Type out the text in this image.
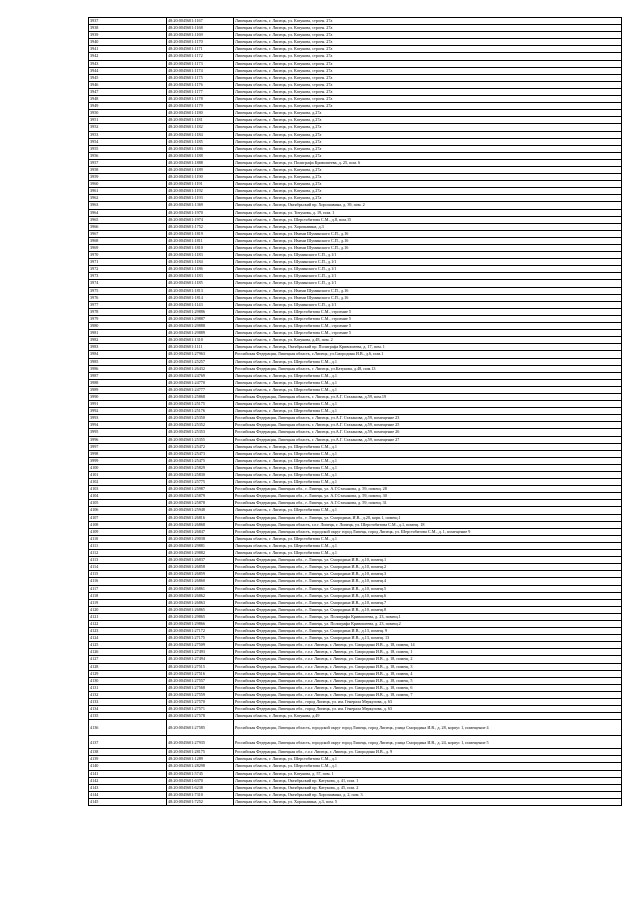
3937	48:20:0045601:1167	Липецкая область, г. Липецк, ул. Катукова, строен. 27а
3938	48:20:0045601:1168	Липецкая область, г. Липецк, ул. Катукова, строен. 27а
3939	48:20:0045601:1169	Липецкая область, г. Липецк, ул. Катукова, строен. 27а
3940	48:20:0045601:1170	Липецкая область, г. Липецк, ул. Катукова, строен. 27а
3941	48:20:0045601:1171	Липецкая область, г. Липецк, ул. Катукова, строен. 27а
3942	48:20:0045601:1172	Липецкая область, г. Липецк, ул. Катукова, строен. 27а
3943	48:20:0045601:1173	Липецкая область, г. Липецк, ул. Катукова, строен. 27а
3944	48:20:0045601:1174	Липецкая область, г. Липецк, ул. Катукова, строен. 27а
3945	48:20:0045601:1175	Липецкая область, г. Липецк, ул. Катукова, строен. 27а
3946	48:20:0045601:1176	Липецкая область, г. Липецк, ул. Катукова, строен. 27а
3947	48:20:0045601:1177	Липецкая область, г. Липецк, ул. Катукова, строен. 27а
3948	48:20:0045601:1178	Липецкая область, г. Липецк, ул. Катукова, строен. 27а
3949	48:20:0045601:1179	Липецкая область, г. Липецк, ул. Катукова, строен. 27а
3950	48:20:0045601:1180	Липецкая область, г. Липецк, ул. Катукова, д.27а
3951	48:20:0045601:1181	Липецкая область, г. Липецк, ул. Катукова, д.27а
3952	48:20:0045601:1182	Липецкая область, г. Липецк, ул. Катукова, д.27а
3953	48:20:0045601:1184	Липецкая область, г. Липецк, ул. Катукова, д.27а
3954	48:20:0045601:1185	Липецкая область, г. Липецк, ул. Катукова, д.27а
3955	48:20:0045601:1186	Липецкая область, г. Липецк, ул. Катукова, д.27а
3956	48:20:0045601:1188	Липецкая область, г. Липецк, ул. Катукова, д.27а
3957	48:20:0045601:1888	Липецкая область, г. Липецк, ул. Полиграфа Кривошеева, д. 25, пом. 6
3958	48:20:0045601:1189	Липецкая область, г. Липецк, ул. Катукова, д.27а
3959	48:20:0045601:1190	Липецкая область, г. Липецк, ул. Катукова, д.27а
3960	48:20:0045601:1191	Липецкая область, г. Липецк, ул. Катукова, д.27а
3961	48:20:0045601:1192	Липецкая область, г. Липецк, ул. Катукова, д.27а
3962	48:20:0045601:1193	Липецкая область, г. Липецк, ул. Катукова, д.27а
3963	48:20:0045601:1369	Липецкая область, г. Липецк, Октябрьский пр. Хорошавина, д. 39, пом. 2
3964	48:20:0045601:1970	Липецкая область, г. Липецк, ул. Титунова, д. 19, пом. 1
3965	48:20:0045601:1974	Липецкая область, г. Липецк, ул. Шерстобитова С.М., д.8, пом.15
3966	48:20:0045601:1752	Липецкая область, г. Липецк, ул. Хорошавина, д.3
3967	48:20:0045601:1819	Липецкая область, г. Липецк, ул. Имени Шуминского С.П., д.16
3968	48:20:0045601:1811	Липецкая область, г. Липецк, ул. Имени Шуминского С.П., д.16
3969	48:20:0045601:1810	Липецкая область, г. Липецк, ул. Имени Шуминского С.П., д.16
3970	48:20:0045601:1183	Липецкая область, г. Липецк, ул. Шуминского С.П., д.1/1
3971	48:20:0045601:1184	Липецкая область, г. Липецк, ул. Шуминского С.П., д.1/1
3972	48:20:0045601:1186	Липецкая область, г. Липецк, ул. Шуминского С.П., д.1/1
3973	48:20:0045601:1183	Липецкая область, г. Липецк, ул. Шуминского С.П., д.1/1
3974	48:20:0045601:1185	Липецкая область, г. Липецк, ул. Шуминского С.П., д.1/1
3975	48:20:0045601:1813	Липецкая область, г. Липецк, ул. Имени Шуминского С.П., д.16
3976	48:20:0045601:1814	Липецкая область, г. Липецк, ул. Имени Шуминского С.П., д.16
3977	48:20:0045601:1143	Липецкая область, г. Липецк, ул. Шуминского С.П., д.1/1
3978	48:20:0045601:29886	Липецкая область, г. Липецк, ул. Шерстобитова С.М., строение 5
3979	48:20:0045601:29887	Липецкая область, г. Липецк, ул. Шерстобитова С.М., строение 5
3980	48:20:0045601:29888	Липецкая область, г. Липецк, ул. Шерстобитова С.М., строение 5
3981	48:20:0045601:29889	Липецкая область, г. Липецк, ул. Шерстобитова С.М., строение 5
3982	48:20:0045601:1310	Липецкая область, г. Липецк, ул. Катукова, д.48, пом. 2
3983	48:20:0045601:1111	Липецкая область, г. Липецк, Октябрьский пр. Полиграфа Кривошеева, д. 17, пом. 1
3984	48:20:0045601:27963	Российская Федерация, Липецкая область, г.Липецк, ул.Смородина И.В., д.6, пом.1
3985	48:20:0045601:25257	Липецкая область, г. Липецк, ул. Шерстобитова С.М., д.1
3986	48:20:0045601:26432	Российская Федерация, Липецкая область, г. Липецк, ул.Катукова, д.48, пом.13
3987	48:20:0045601:24769	Липецкая область, г. Липецк, ул. Шерстобитова С.М., д.1
3988	48:20:0045601:24770	Липецкая область, г. Липецк, ул. Шерстобитова С.М., д.1
3989	48:20:0045601:24777	Липецкая область, г. Липецк, ул. Шерстобитова С.М., д.1
3990	48:20:0045601:25868	Российская Федерация, Липецкая область, г. Липецк, ул.А.Г. Стаханова, д.59, пом.19
3991	48:20:0045601:25175	Липецкая область, г. Липецк, ул. Шерстобитова С.М., д.1
3992	48:20:0045601:25176	Липецкая область, г. Липецк, ул. Шерстобитова С.М., д.1
3993	48:20:0045601:25350	Российская Федерация, Липецкая область, г. Липецк, ул.А.Г. Стаханова, д.59, помещение 23
3994	48:20:0045601:25352	Российская Федерация, Липецкая область, г. Липецк, ул.А.Г. Стаханова, д.59, помещение 25
3995	48:20:0045601:25353	Российская Федерация, Липецкая область, г. Липецк, ул.А.Г. Стаханова, д.59, помещение 26
3996	48:20:0045601:25355	Российская Федерация, Липецкая область, г. Липецк, ул.А.Г. Стаханова, д.59, помещение 27
3997	48:20:0045601:25472	Липецкая область, г. Липецк, ул. Шерстобитова С.М., д.1
3998	48:20:0045601:25473	Липецкая область, г. Липецк, ул. Шерстобитова С.М., д.1
3999	48:20:0045601:25475	Липецкая область, г. Липецк, ул. Шерстобитова С.М., д.1
4100	48:20:0045601:25829	Липецкая область, г. Липецк, ул. Шерстобитова С.М., д.1
4101	48:20:0045601:25830	Липецкая область, г. Липецк, ул. Шерстобитова С.М., д.1
4102	48:20:0045601:25775	Липецкая область, г. Липецк, ул. Шерстобитова С.М., д.1
4103	48:20:0045601:25987	Российская Федерация, Липецкая обл., г. Липецк, ул. А.Г.Стаханова, д. 59, помещ. 28
4104	48:20:0045601:25879	Российская Федерация, Липецкая обл., г. Липецк, ул. А.Г.Стаханова, д. 59, помещ. 30
4105	48:20:0045601:25878	Российская Федерация, Липецкая обл., г. Липецк, ул. А.Г.Стаханова, д. 59, помещ. 31
4106	48:20:0045601:25948	Липецкая область, г. Липецк, ул. Шерстобитова С.М., д.1
4107	48:20:0045601:26816	Российская Федерация, Липецкая обл., г. Липецк, ул. Смородина, И.В., д.20, корп.1, помещ.1
4108	48:20:0045601:26868	Российская Федерация, Липецкая область, г.о.г. Липецк, г. Липецк, ул. Шерстобитова С.М., д.1, помещ. 18
4109	48:20:0045601:26847	Российская Федерация, Липецкая область, городской округ город Липецк, город Липецк, ул. Шерстобитова С.М., д. 1, помещение 9
4110	48:20:0045601:29038	Липецкая область, г. Липецк, ул. Шерстобитова С.М., д.1
4111	48:20:0045601:29881	Липецкая область, г. Липецк, ул. Шерстобитова С.М., д.1
4112	48:20:0045601:29882	Липецкая область, г. Липецк, ул. Шерстобитова С.М., д.1
4113	48:20:0045601:26837	Российская Федерация, Липецкая обл., г. Липецк, ул. Смородина И.В., д.10, помещ.1
4114	48:20:0045601:26858	Российская Федерация, Липецкая обл., г. Липецк, ул. Смородина И.В., д.10, помещ.2
4115	48:20:0045601:26859	Российская Федерация, Липецкая обл., г. Липецк, ул. Смородина И.В., д.10, помещ.3
4116	48:20:0045601:26860	Российская Федерация, Липецкая обл., г. Липецк, ул. Смородина И.В., д.10, помещ.4
4117	48:20:0045601:26861	Российская Федерация, Липецкая обл., г. Липецк, ул. Смородина И.В., д.10, помещ.5
4118	48:20:0045601:26862	Российская Федерация, Липецкая обл., г. Липецк, ул. Смородина И.В., д.10, помещ.6
4119	48:20:0045601:26863	Российская Федерация, Липецкая обл., г. Липецк, ул. Смородина И.В., д.10, помещ.7
4120	48:20:0045601:26865	Российская Федерация, Липецкая обл., г. Липецк, ул. Смородина И.В., д.10, помещ.8
4121	48:20:0045601:29865	Российская Федерация, Липецкая обл., г. Липецк, ул. Полиграфа Кривошеева, д. 23, помещ.1
4122	48:20:0045601:29866	Российская Федерация, Липецкая обл., г. Липецк, ул. Полиграфа Кривошеева, д. 23, помещ.2
4123	48:20:0045601:27172	Российская Федерация, Липецкая обл., г. Липецк, ул. Смородина И.В., д.13, помещ. 9
4124	48:20:0045601:27175	Российская Федерация, Липецкая обл., г. Липецк, ул. Смородина И.В., д.13, помещ. 13
4125	48:20:0045601:27509	Российская Федерация, Липецкая обл., г.о.г. Липецк, г. Липецк, ул. Смородина И.В., д. 18, помещ. 14
4126	48:20:0045601:27493	Российская Федерация, Липецкая обл., г.о.г. Липецк, г. Липецк, ул. Смородина И.В., д. 18, помещ. 1
4127	48:20:0045601:27494	Российская Федерация, Липецкая обл., г.о.г. Липецк, г. Липецк, ул. Смородина И.В., д. 18, помещ. 2
4128	48:20:0045601:27515	Российская Федерация, Липецкая обл., г.о.г. Липецк, г. Липецк, ул. Смородина И.В., д. 18, помещ. 3
4129	48:20:0045601:27516	Российская Федерация, Липецкая обл., г.о.г. Липецк, г. Липецк, ул. Смородина И.В., д. 18, помещ. 4
4130	48:20:0045601:27557	Российская Федерация, Липецкая обл., г.о.г. Липецк, г. Липецк, ул. Смородина И.В., д. 18, помещ. 5
4131	48:20:0045601:27568	Российская Федерация, Липецкая обл., г.о.г. Липецк, г. Липецк, ул. Смородина И.В., д. 18, помещ. 6
4132	48:20:0045601:27559	Российская Федерация, Липецкая обл., г.о.г. Липецк, г. Липецк, ул. Смородина И.В., д. 18, помещ. 7
4133	48:20:0045601:27570	Российская Федерация, Липецкая обл., город Липецк, ул. им. Генерала Меркулова, д. 63
4134	48:20:0045601:27571	Российская Федерация, Липецкая обл., город Липецк, ул. им. Генерала Меркулова, д. 63
4135	48:20:0045601:27578	Липецкая область, г. Липецк, ул. Катукова, д.49
4136	48:20:0045601:27585	Российская Федерация, Липецкая область, городской округ город Липецк, город Липецк, улица Смородина И.В., д. 28, корпус 1, помещение 4
4137	48:20:0045601:27935	Российская Федерация, Липецкая область, городской округ город Липецк, город Липецк, улица Смородина И.В., д. 24, корпус 1, помещение 5
4138	48:20:0045601:28175	Российская Федерация, Липецкая обл., г.о.г. Липецк, г. Липецк, ул. Смородина И.В., д. 9
4139	48:20:0045601:1289	Липецкая область, г. Липецк, ул. Шерстобитова С.М., д.1
4140	48:20:0045601:28298	Липецкая область, г. Липецк, ул. Шерстобитова С.М., д.1
4141	48:20:0045601:5745	Липецкая область, г. Липецк, ул. Катукова, д. 57, пом. 1
4142	48:20:0045601:6370	Липецкая область, г. Липецк, Октябрьский пр. Катукова, д. 41, пом. 1
4143	48:20:0045601:6238	Липецкая область, г. Липецк, Октябрьский пр. Катукова, д. 45, пом. 2
4144	48:20:0045601:7310	Липецкая область, г. Липецк, Октябрьский пр. Хорошавина, д. 2, пом. 3
4145	48:20:0045601:7252	Липецкая область, г. Липецк, ул. Хорошавина, д.3, пом. 5
